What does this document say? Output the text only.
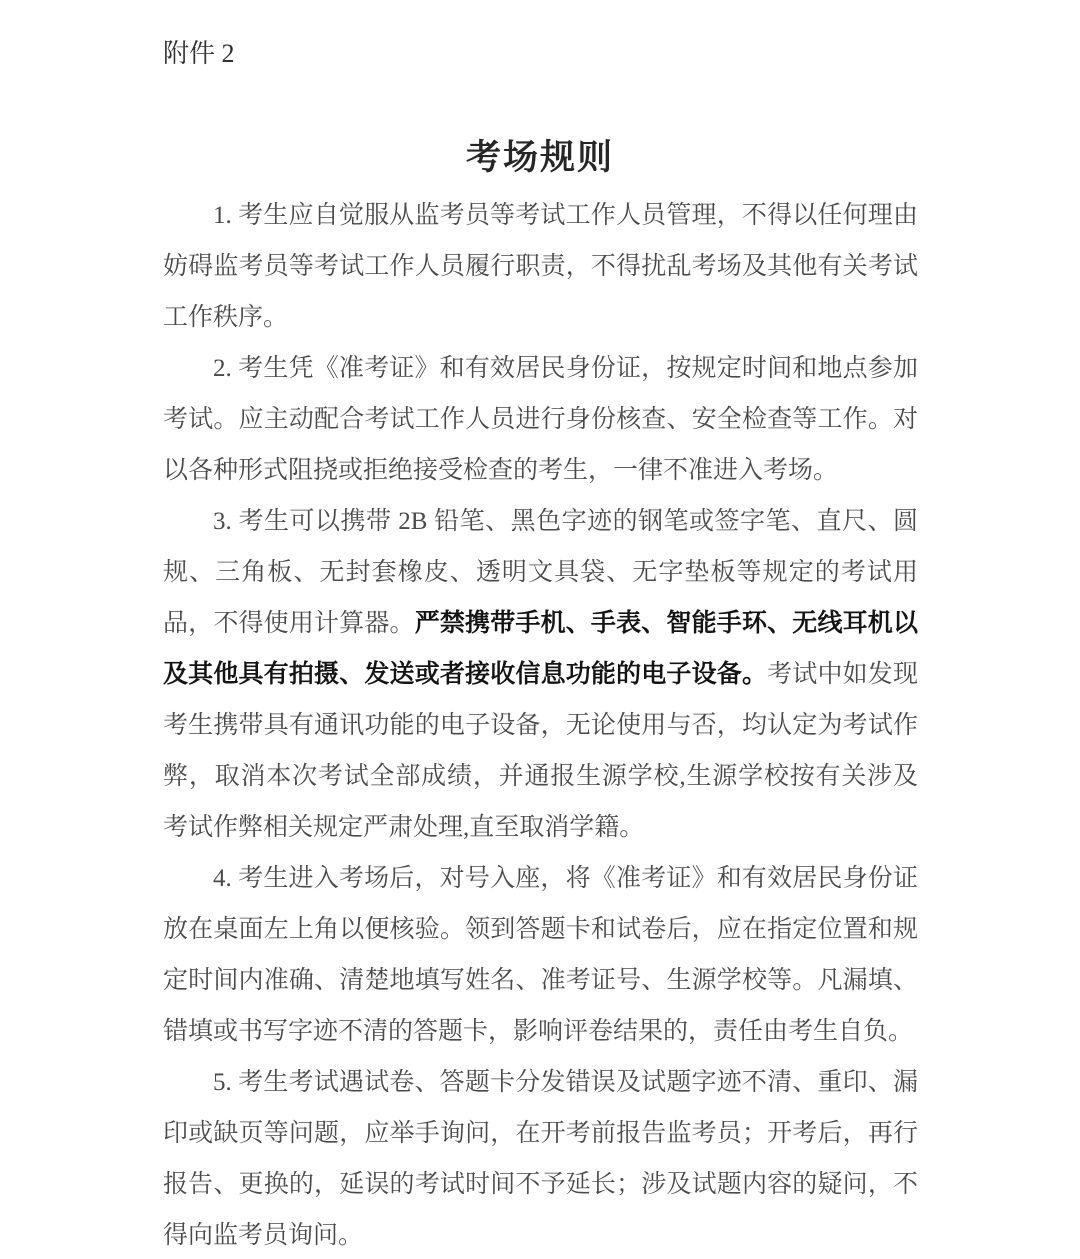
附件 2
考场规则

1. 考生应自觉服从监考员等考试工作人员管理，不得以任何理由妨碍监考员等考试工作人员履行职责，不得扰乱考场及其他有关考试工作秩序。

2. 考生凭《准考证》和有效居民身份证，按规定时间和地点参加考试。应主动配合考试工作人员进行身份核查、安全检查等工作。对以各种形式阻挠或拒绝接受检查的考生，一律不准进入考场。

3. 考生可以携带 2B 铅笔、黑色字迹的钢笔或签字笔、直尺、圆规、三角板、无封套橡皮、透明文具袋、无字垫板等规定的考试用品，不得使用计算器。严禁携带手机、手表、智能手环、无线耳机以及其他具有拍摄、发送或者接收信息功能的电子设备。考试中如发现考生携带具有通讯功能的电子设备，无论使用与否，均认定为考试作弊，取消本次考试全部成绩，并通报生源学校,生源学校按有关涉及考试作弊相关规定严肃处理,直至取消学籍。

4. 考生进入考场后，对号入座，将《准考证》和有效居民身份证放在桌面左上角以便核验。领到答题卡和试卷后，应在指定位置和规定时间内准确、清楚地填写姓名、准考证号、生源学校等。凡漏填、错填或书写字迹不清的答题卡，影响评卷结果的，责任由考生自负。

5. 考生考试遇试卷、答题卡分发错误及试题字迹不清、重印、漏印或缺页等问题，应举手询问，在开考前报告监考员；开考后，再行报告、更换的，延误的考试时间不予延长；涉及试题内容的疑问，不得向监考员询问。
